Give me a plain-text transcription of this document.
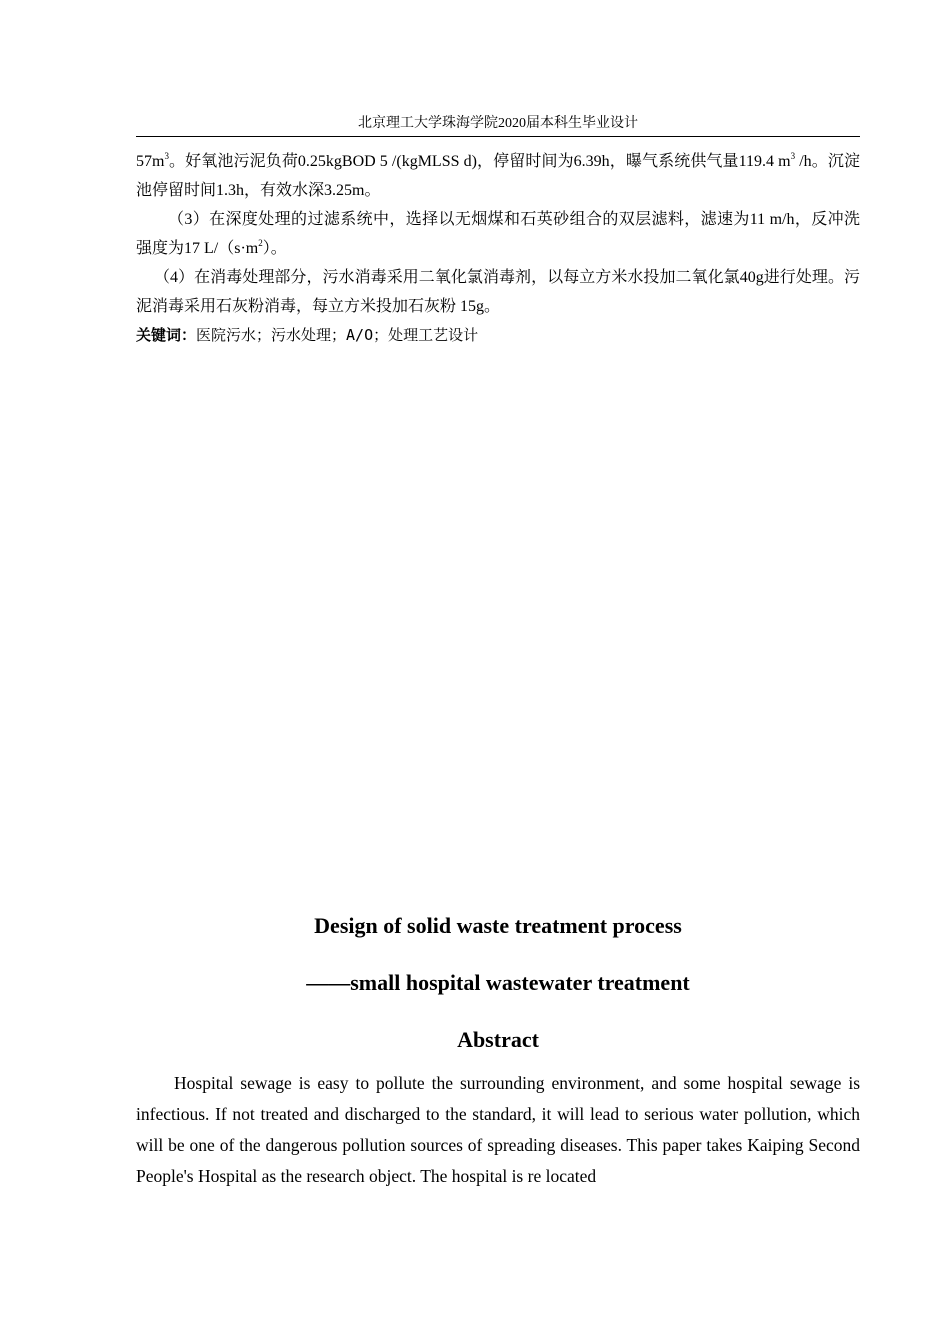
北京理工大学珠海学院2020届本科生毕业设计

$57m^3$。好氧池污泥负荷0.25kgBOD 5 /(kgMLSS d)，停留时间为6.39h，曝气系统供气量119.4 $m^3$ /h。沉淀池停留时间1.3h，有效水深3.25m。

（3）在深度处理的过滤系统中，选择以无烟煤和石英砂组合的双层滤料，滤速为11 m/h，反冲洗强度为17 $L/(s\cdot m^2)$。

（4）在消毒处理部分，污水消毒采用二氧化氯消毒剂，以每立方米水投加二氧化氯40g进行处理。污泥消毒采用石灰粉消毒，每立方米投加石灰粉 15g。

关键词：医院污水；污水处理；A/O；处理工艺设计

Design of solid waste treatment process
——small hospital wastewater treatment
Abstract

Hospital sewage is easy to pollute the surrounding environment, and some hospital sewage is infectious. If not treated and discharged to the standard, it will lead to serious water pollution, which will be one of the dangerous pollution sources of spreading diseases. This paper takes Kaiping Second People's Hospital as the research object. The hospital is re located
